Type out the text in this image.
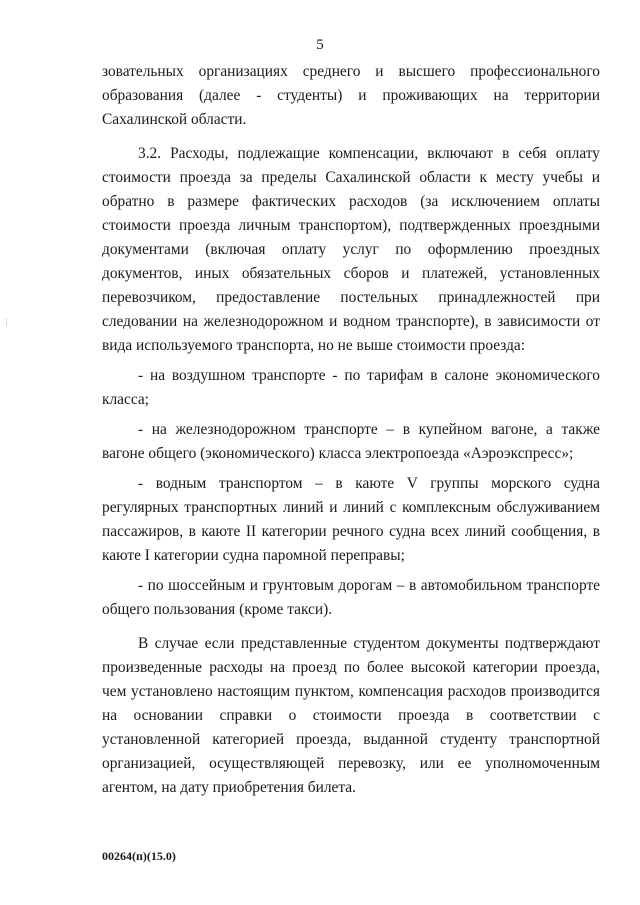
5

зовательных организациях среднего и высшего профессионального образования (далее - студенты) и проживающих на территории Сахалинской области.

3.2. Расходы, подлежащие компенсации, включают в себя оплату стоимости проезда за пределы Сахалинской области к месту учебы и обратно в размере фактических расходов (за исключением оплаты стоимости проезда личным транспортом), подтвержденных проездными документами (включая оплату услуг по оформлению проездных документов, иных обязательных сборов и платежей, установленных перевозчиком, предоставление постельных принадлежностей при следовании на железнодорожном и водном транспорте), в зависимости от вида используемого транспорта, но не выше стоимости проезда:

- на воздушном транспорте - по тарифам в салоне экономического класса;

- на железнодорожном транспорте – в купейном вагоне, а также вагоне общего (экономического) класса электропоезда «Аэроэкспресс»;

- водным транспортом – в каюте V группы морского судна регулярных транспортных линий и линий с комплексным обслуживанием пассажиров, в каюте II категории речного судна всех линий сообщения, в каюте I категории судна паромной переправы;

- по шоссейным и грунтовым дорогам – в автомобильном транспорте общего пользования (кроме такси).

В случае если представленные студентом документы подтверждают произведенные расходы на проезд по более высокой категории проезда, чем установлено настоящим пунктом, компенсация расходов производится на основании справки о стоимости проезда в соответствии с установленной категорией проезда, выданной студенту транспортной организацией, осуществляющей перевозку, или ее уполномоченным агентом, на дату приобретения билета.

00264(п)(15.0)
